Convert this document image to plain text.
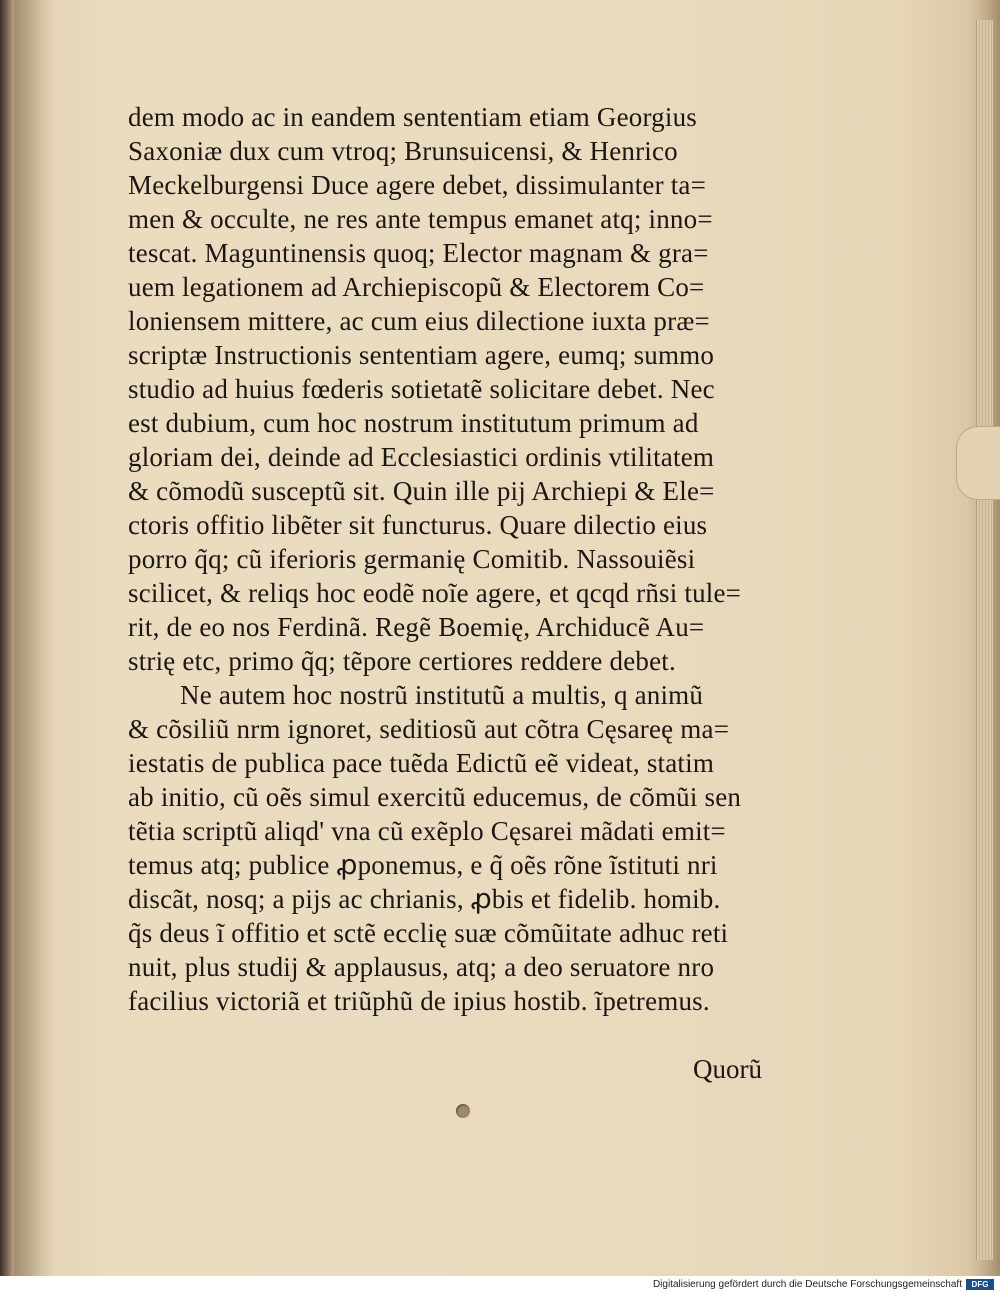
dem modo ac in eandem sententiam etiam Georgius
Saxoniæ dux cum vtroq; Brunsuicensi, & Henrico
Meckelburgensi Duce agere debet, dissimulanter ta=
men & occulte, ne res ante tempus emanet atq; inno=
tescat. Maguntinensis quoq; Elector magnam & gra=
uem legationem ad Archiepiscopũ & Electorem Co=
loniensem mittere, ac cum eius dilectione iuxta præ=
scriptæ Instructionis sententiam agere, eumq; summo
studio ad huius fœderis sotietatẽ solicitare debet. Nec
est dubium, cum hoc nostrum institutum primum ad
gloriam dei, deinde ad Ecclesiastici ordinis vtilitatem
& cõmodũ susceptũ sit. Quin ille pij Archiepi & Ele=
ctoris offitio libẽter sit functurus. Quare dilectio eius
porro q̃q; cũ iferioris germanię Comitib. Nassouiẽsi
scilicet, & reliqs hoc eodẽ noĩe agere, et qcqd rñsi tule=
rit, de eo nos Ferdinã. Regẽ Boemię, Archiducẽ Au=
strię etc, primo q̃q; tẽpore certiores reddere debet.
Ne autem hoc nostrũ institutũ a multis, q animũ
& cõsiliũ nrm ignoret, seditiosũ aut cõtra Cęsareę ma=
iestatis de publica pace tuẽda Edictũ eẽ videat, statim
ab initio, cũ oẽs simul exercitũ educemus, de cõmũi sen
tẽtia scriptũ aliqd' vna cũ exẽplo Cęsarei mãdati emit=
temus atq; publice ꝓponemus, e q̃ oẽs rõne ĩstituti nri
discãt, nosq; a pijs ac chrianis, ꝓbis et fidelib. homib.
q̃s deus ĩ offitio et sctẽ ecclię suæ cõmũitate adhuc reti
nuit, plus studij & applausus, atq; a deo seruatore nro
facilius victoriã et triũphũ de ipius hostib. ĩpetremus.
Quorũ
Digitalisierung gefördert durch die Deutsche Forschungsgemeinschaft	DFG
